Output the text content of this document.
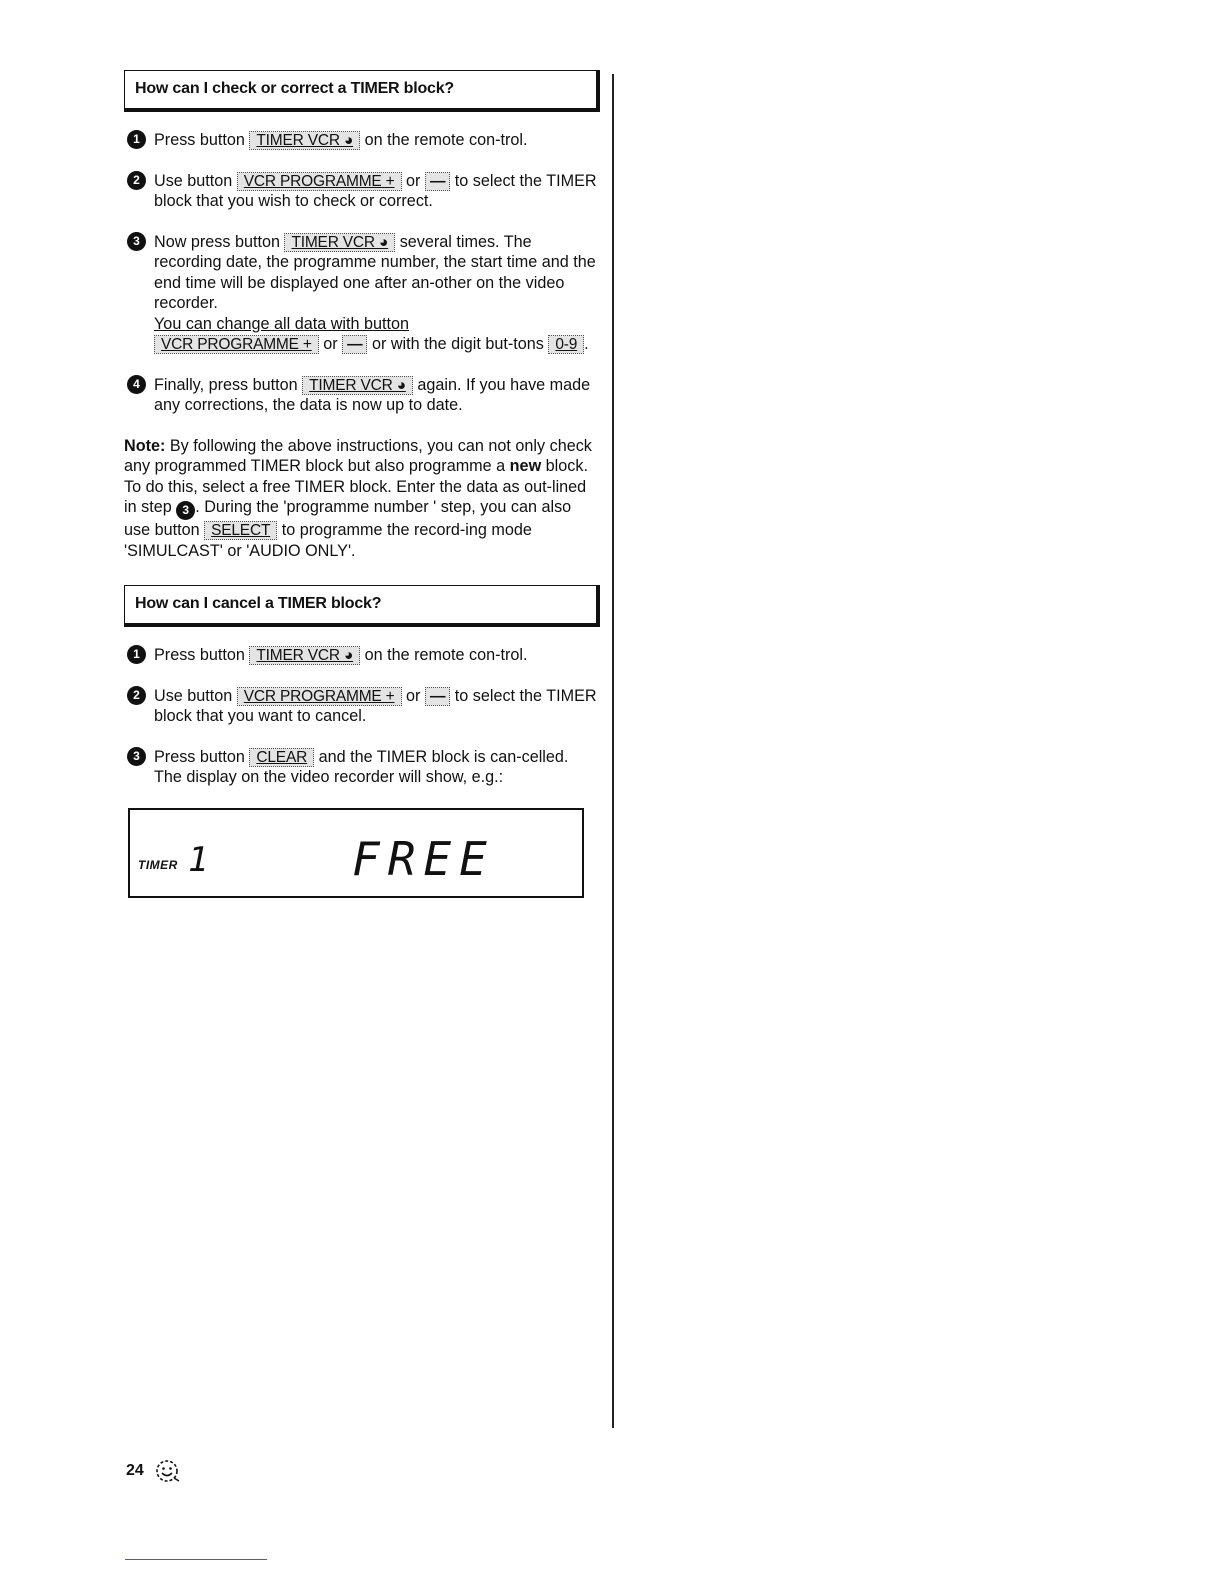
How can I check or correct a TIMER block?
1 Press button TIMER VCR ◕ on the remote con-trol.
2 Use button VCR PROGRAMME + or — to select the TIMER block that you wish to check or correct.
3 Now press button TIMER VCR ◕ several times. The recording date, the programme number, the start time and the end time will be displayed one after an-other on the video recorder.
You can change all data with button
VCR PROGRAMME + or — or with the digit but-tons 0-9 .
4 Finally, press button TIMER VCR ◕ again. If you have made any corrections, the data is now up to date.

Note: By following the above instructions, you can not only check any programmed TIMER block but also programme a new block.

To do this, select a free TIMER block. Enter the data as out-lined in step 3 . During the 'programme number ' step, you can also use button SELECT to programme the record-ing mode 'SIMULCAST' or 'AUDIO ONLY'.

How can I cancel a TIMER block?
1 Press button TIMER VCR ◕ on the remote con-trol.
2 Use button VCR PROGRAMME + or — to select the TIMER block that you want to cancel.
3 Press button CLEAR and the TIMER block is can-celled. The display on the video recorder will show, e.g.:
TIMER 1	FREE
24
